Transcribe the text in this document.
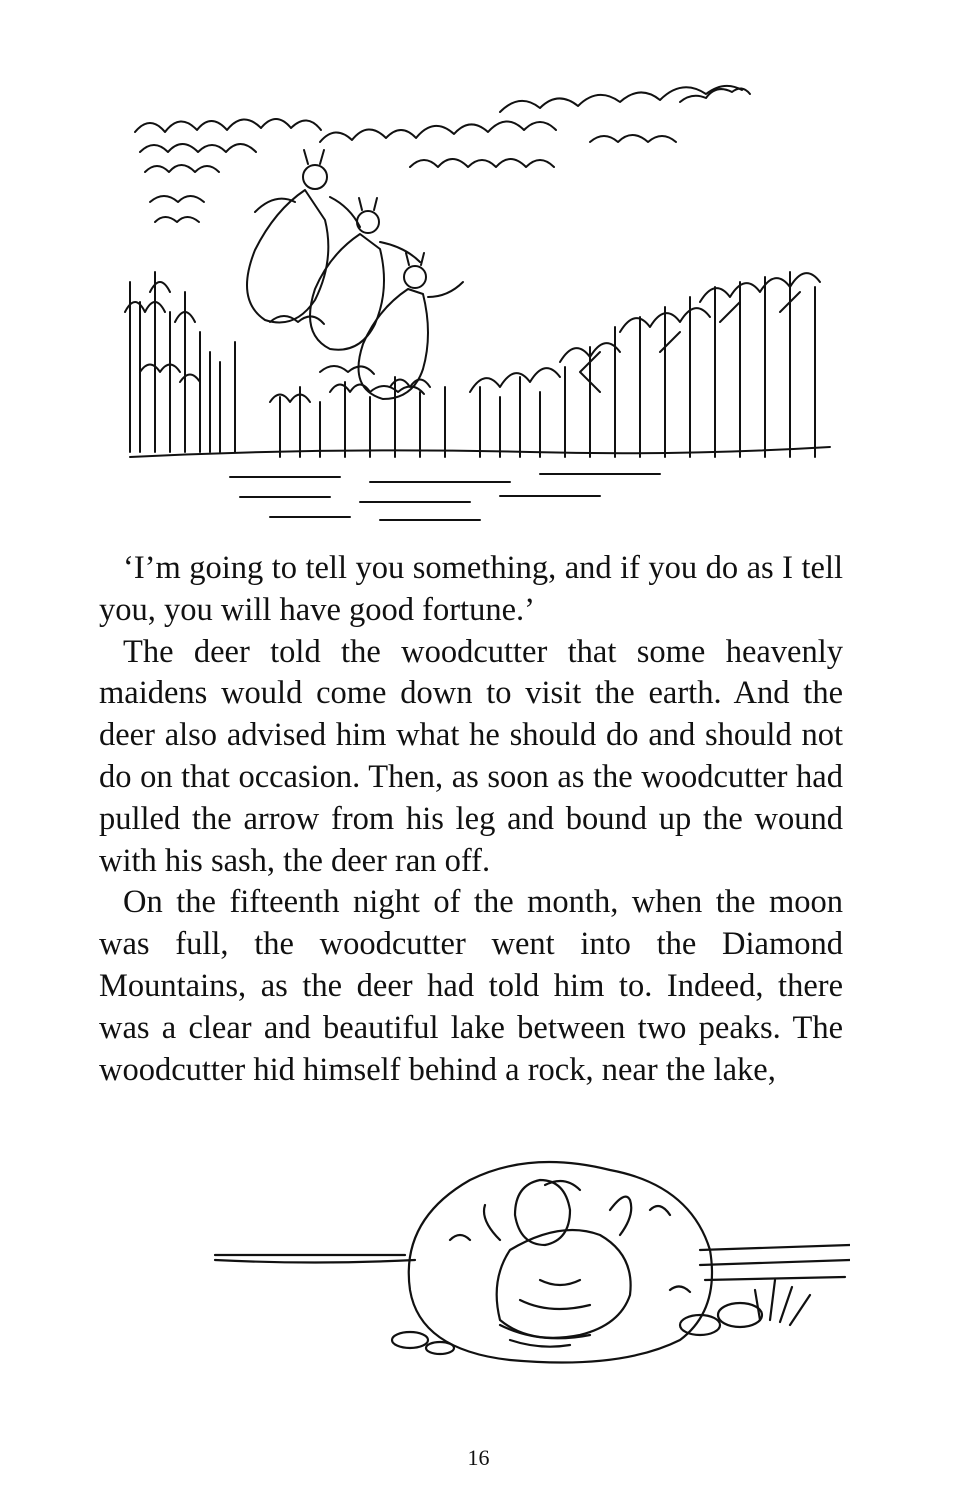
‘I’m going to tell you something, and if you do as I tell you, you will have good fortune.’

The deer told the woodcutter that some heavenly maidens would come down to visit the earth. And the deer also advised him what he should do and should not do on that occasion. Then, as soon as the woodcutter had pulled the arrow from his leg and bound up the wound with his sash, the deer ran off.

On the fifteenth night of the month, when the moon was full, the woodcutter went into the Diamond Mountains, as the deer had told him to. Indeed, there was a clear and beautiful lake between two peaks. The woodcutter hid himself behind a rock, near the lake,

16
